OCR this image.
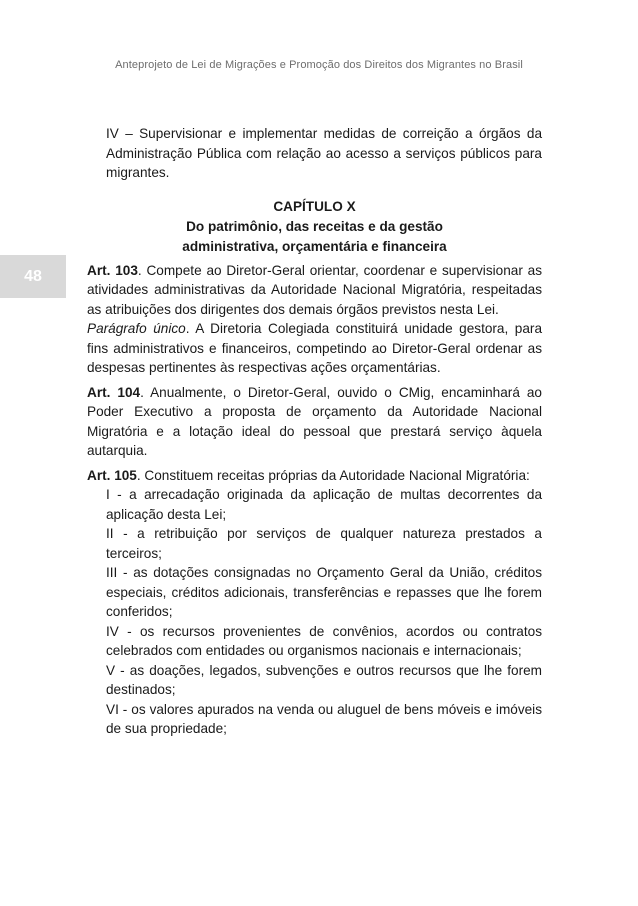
Anteprojeto de Lei de Migrações e Promoção dos Direitos dos Migrantes no Brasil
48

IV – Supervisionar e implementar medidas de correição a órgãos da Administração Pública com relação ao acesso a serviços públicos para migrantes.

CAPÍTULO X
Do patrimônio, das receitas e da gestão
administrativa, orçamentária e financeira

Art. 103. Compete ao Diretor-Geral orientar, coordenar e supervisionar as atividades administrativas da Autoridade Nacional Migratória, respeitadas as atribuições dos dirigentes dos demais órgãos previstos nesta Lei.

Parágrafo único. A Diretoria Colegiada constituirá unidade gestora, para fins administrativos e financeiros, competindo ao Diretor-Geral ordenar as despesas pertinentes às respectivas ações orçamentárias.

Art. 104. Anualmente, o Diretor-Geral, ouvido o CMig, encaminhará ao Poder Executivo a proposta de orçamento da Autoridade Nacional Migratória e a lotação ideal do pessoal que prestará serviço àquela autarquia.

Art. 105. Constituem receitas próprias da Autoridade Nacional Migratória:

I - a arrecadação originada da aplicação de multas decorrentes da aplicação desta Lei;

II - a retribuição por serviços de qualquer natureza prestados a terceiros;

III - as dotações consignadas no Orçamento Geral da União, créditos especiais, créditos adicionais, transferências e repasses que lhe forem conferidos;

IV - os recursos provenientes de convênios, acordos ou contratos celebrados com entidades ou organismos nacionais e internacionais;

V - as doações, legados, subvenções e outros recursos que lhe forem destinados;

VI - os valores apurados na venda ou aluguel de bens móveis e imóveis de sua propriedade;
